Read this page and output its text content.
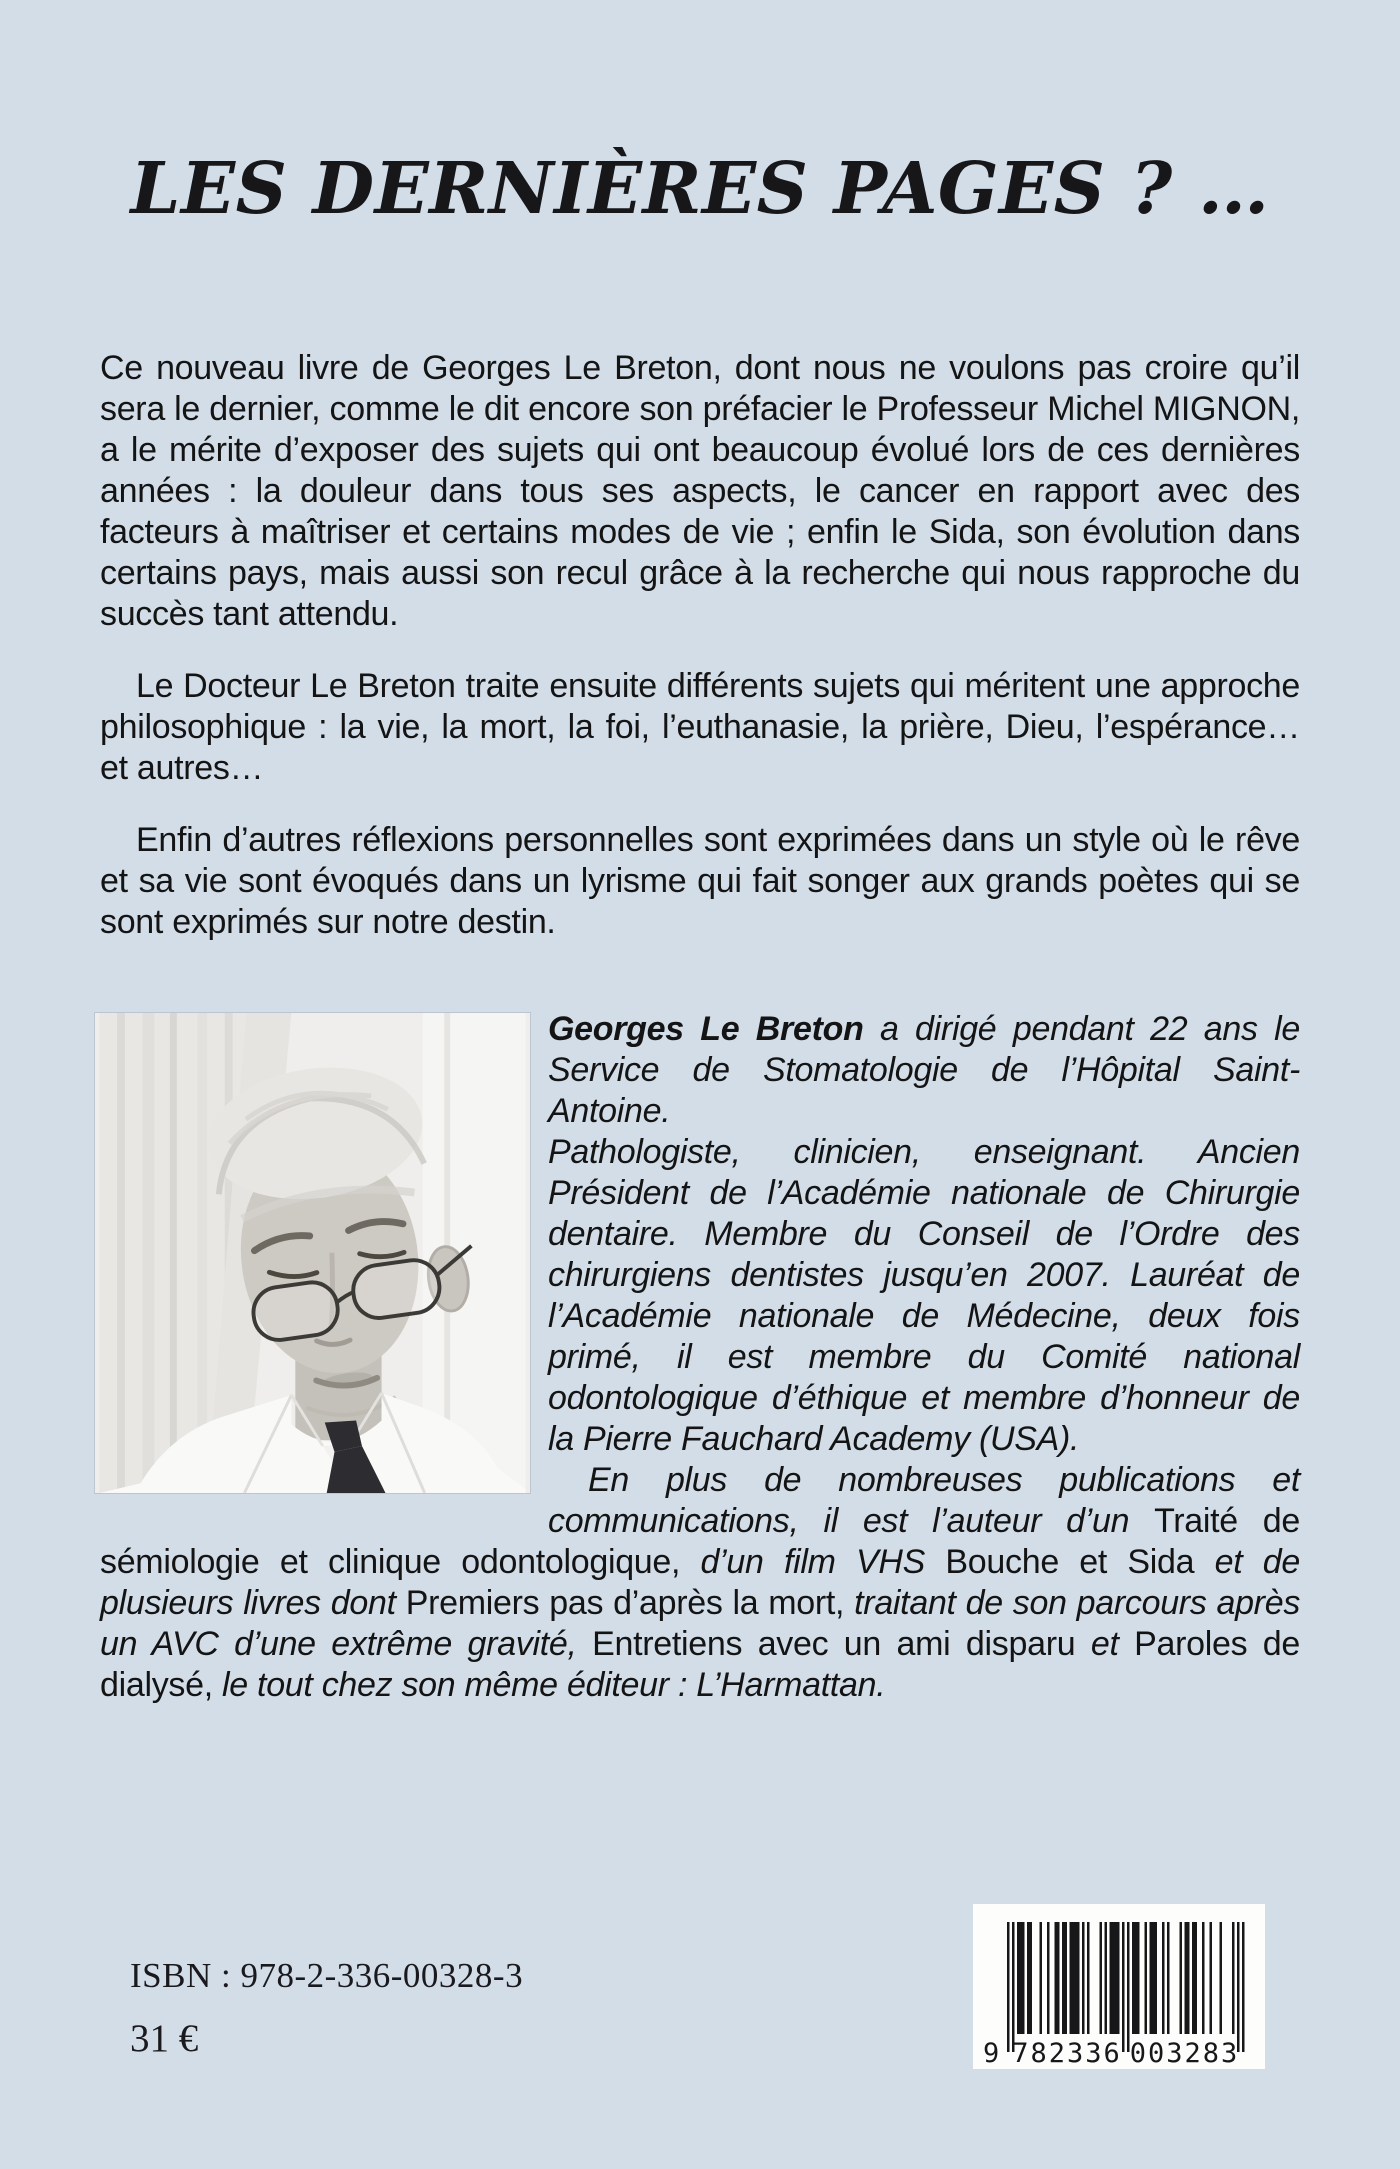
LES DERNIÈRES PAGES ? …

Ce nouveau livre de Georges Le Breton, dont nous ne voulons pas croire qu’il sera le dernier, comme le dit encore son préfacier le Professeur Michel MIGNON, a le mérite d’exposer des sujets qui ont beaucoup évolué lors de ces dernières années : la douleur dans tous ses aspects, le cancer en rapport avec des facteurs à maîtriser et certains modes de vie ; enfin le Sida, son évolution dans certains pays, mais aussi son recul grâce à la recherche qui nous rapproche du succès tant attendu.

Le Docteur Le Breton traite ensuite différents sujets qui méritent une approche philosophique : la vie, la mort, la foi, l’euthanasie, la prière, Dieu, l’espérance… et autres…

Enfin d’autres réflexions personnelles sont exprimées dans un style où le rêve et sa vie sont évoqués dans un lyrisme qui fait songer aux grands poètes qui se sont exprimés sur notre destin.

Georges Le Breton a dirigé pendant 22 ans le Service de Stomatologie de l’Hôpital Saint-Antoine.

Pathologiste, clinicien, enseignant. Ancien Président de l’Académie nationale de Chirurgie dentaire. Membre du Conseil de l’Ordre des chirurgiens dentistes jusqu’en 2007. Lauréat de l’Académie nationale de Médecine, deux fois primé, il est membre du Comité national odontologique d’éthique et membre d’honneur de la Pierre Fauchard Academy (USA).

En plus de nombreuses publications et communications, il est l’auteur d’un Traité de sémiologie et clinique odontologique, d’un film VHS Bouche et Sida et de plusieurs livres dont Premiers pas d’après la mort, traitant de son parcours après un AVC d’une extrême gravité, Entretiens avec un ami disparu et Paroles de dialysé, le tout chez son même éditeur : L’Harmattan.

ISBN : 978-2-336-00328-3
31 €	9 782336 003283
